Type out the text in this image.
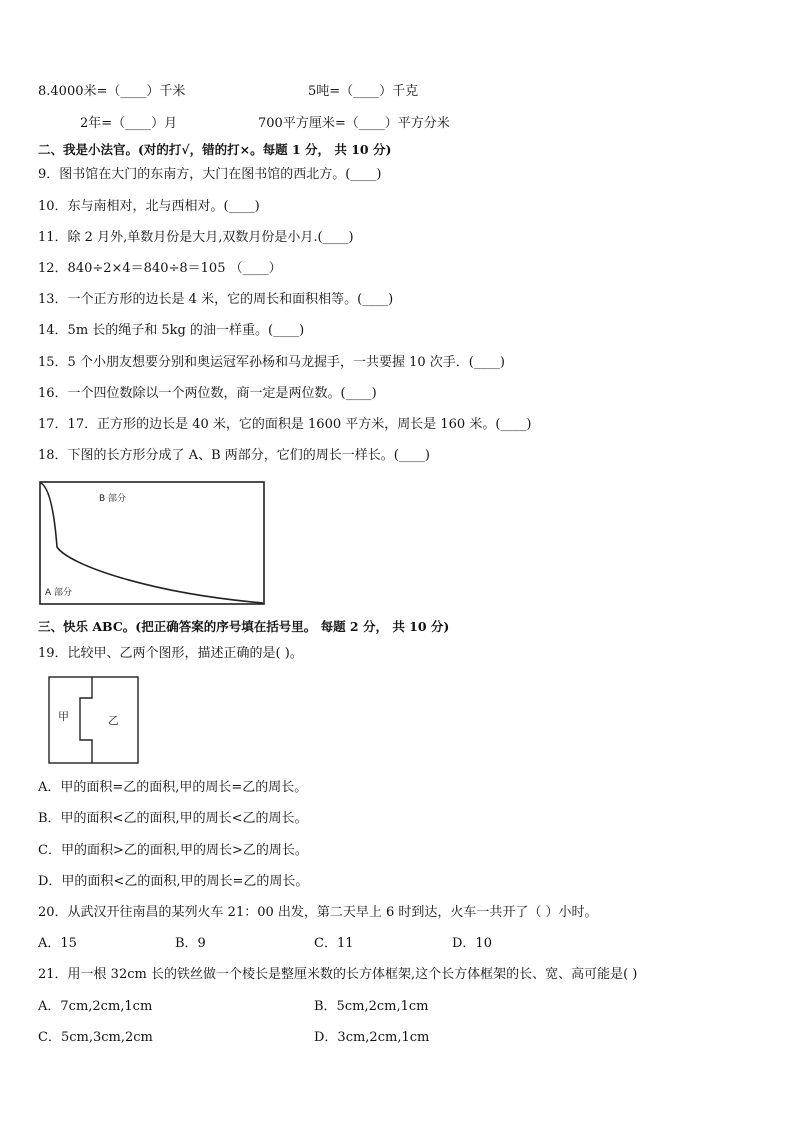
8.4000米=（____）千米	5吨=（____）千克
2年=（____）月	700平方厘米=（____）平方分米
二、我是小法官。(对的打√，错的打×。每题 1 分， 共 10 分)
9．图书馆在大门的东南方，大门在图书馆的西北方。(____)
10．东与南相对，北与西相对。(____)
11．除 2 月外,单数月份是大月,双数月份是小月.(____)
12．840÷2×4＝840÷8＝105 （____）
13．一个正方形的边长是 4 米，它的周长和面积相等。(____)
14．5m 长的绳子和 5kg 的油一样重。(____)
15．5 个小朋友想要分别和奥运冠军孙杨和马龙握手，一共要握 10 次手．(____)
16．一个四位数除以一个两位数，商一定是两位数。(____)
17．17．正方形的边长是 40 米，它的面积是 1600 平方米，周长是 160 米。(____)
18．下图的长方形分成了 A、B 两部分，它们的周长一样长。(____)
B 部分
A 部分
三、快乐 ABC。(把正确答案的序号填在括号里。 每题 2 分， 共 10 分)
19．比较甲、乙两个图形，描述正确的是( )。
甲	乙
A．甲的面积=乙的面积,甲的周长=乙的周长。
B．甲的面积<乙的面积,甲的周长<乙的周长。
C．甲的面积>乙的面积,甲的周长>乙的周长。
D．甲的面积<乙的面积,甲的周长=乙的周长。
20．从武汉开往南昌的某列火车 21：00 出发，第二天早上 6 时到达，火车一共开了（ ）小时。
A．15	B．9	C．11	D．10
21．用一根 32cm 长的铁丝做一个棱长是整厘米数的长方体框架,这个长方体框架的长、宽、高可能是( )
A．7cm,2cm,1cm	B．5cm,2cm,1cm
C．5cm,3cm,2cm	D．3cm,2cm,1cm
